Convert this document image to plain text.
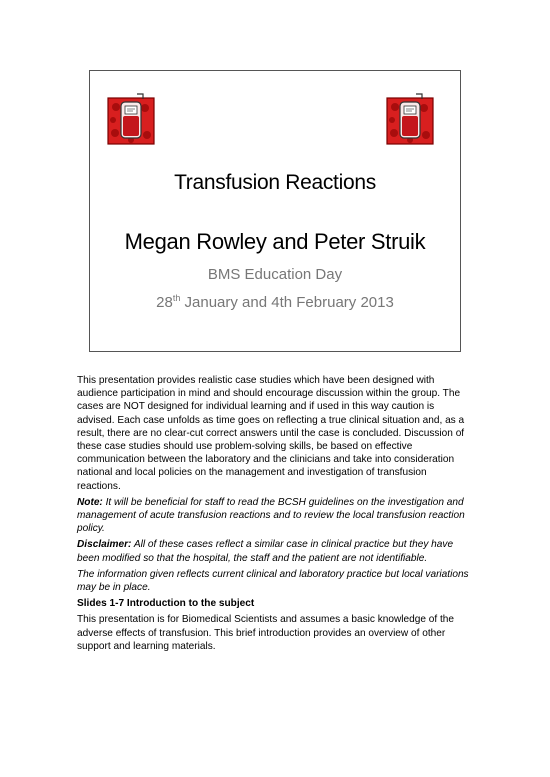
Transfusion Reactions
Megan Rowley and Peter Struik
BMS Education Day
28th January and 4th February 2013

This presentation provides realistic case studies which have been designed with audience participation in mind and should encourage discussion within the group. The cases are NOT designed for individual learning and if used in this way caution is advised. Each case unfolds as time goes on reflecting a true clinical situation and, as a result, there are no clear-cut correct answers until the case is concluded. Discussion of these case studies should use problem-solving skills, be based on effective communication between the laboratory and the clinicians and take into consideration national and local policies on the management and investigation of transfusion reactions.

Note: It will be beneficial for staff to read the BCSH guidelines on the investigation and management of acute transfusion reactions and to review the local transfusion reaction policy.

Disclaimer: All of these cases reflect a similar case in clinical practice but they have been modified so that the hospital, the staff and the patient are not identifiable.

The information given reflects current clinical and laboratory practice but local variations may be in place.

Slides 1-7 Introduction to the subject

This presentation is for Biomedical Scientists and assumes a basic knowledge of the adverse effects of transfusion. This brief introduction provides an overview of other support and learning materials.
